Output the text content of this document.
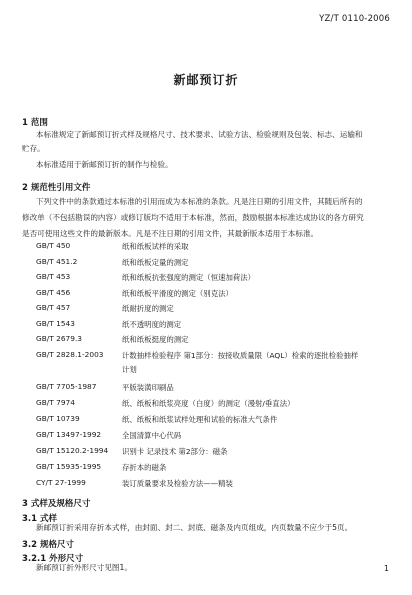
YZ/T 0110-2006
新邮预订折
1 范围
本标准规定了新邮预订折式样及规格尺寸、技术要求、试验方法、检验规则及包装、标志、运输和
贮存。
本标准适用于新邮预订折的制作与检验。
2 规范性引用文件
下列文件中的条款通过本标准的引用而成为本标准的条款。凡是注日期的引用文件，其随后所有的
修改单（不包括勘误的内容）或修订版均不适用于本标准，然而，鼓励根据本标准达成协议的各方研究
是否可使用这些文件的最新版本。凡是不注日期的引用文件，其最新版本适用于本标准。
GB/T 450	纸和纸板试样的采取
GB/T 451.2	纸和纸板定量的测定
GB/T 453	纸和纸板抗张强度的测定（恒速加荷法）
GB/T 456	纸和纸板平滑度的测定（别克法）
GB/T 457	纸耐折度的测定
GB/T 1543	纸不透明度的测定
GB/T 2679.3	纸和纸板挺度的测定
GB/T 2828.1-2003	计数抽样检验程序 第1部分：按接收质量限（AQL）检索的逐批检验抽样
计划
GB/T 7705-1987	平版装潢印刷品
GB/T 7974	纸、纸板和纸浆亮度（白度）的测定（漫射/垂直法）
GB/T 10739	纸、纸板和纸浆试样处理和试验的标准大气条件
GB/T 13497-1992	全国清算中心代码
GB/T 15120.2-1994 识别卡 记录技术 第2部分：磁条
GB/T 15935-1995	存折本的磁条
CY/T 27-1999	装订质量要求及检验方法——精装
3 式样及规格尺寸
3.1 式样
新邮预订折采用存折本式样，由封面、封二、封底、磁条及内页组成，内页数量不应少于5页。
3.2 规格尺寸
3.2.1 外形尺寸
新邮预订折外形尺寸见图1。	1
